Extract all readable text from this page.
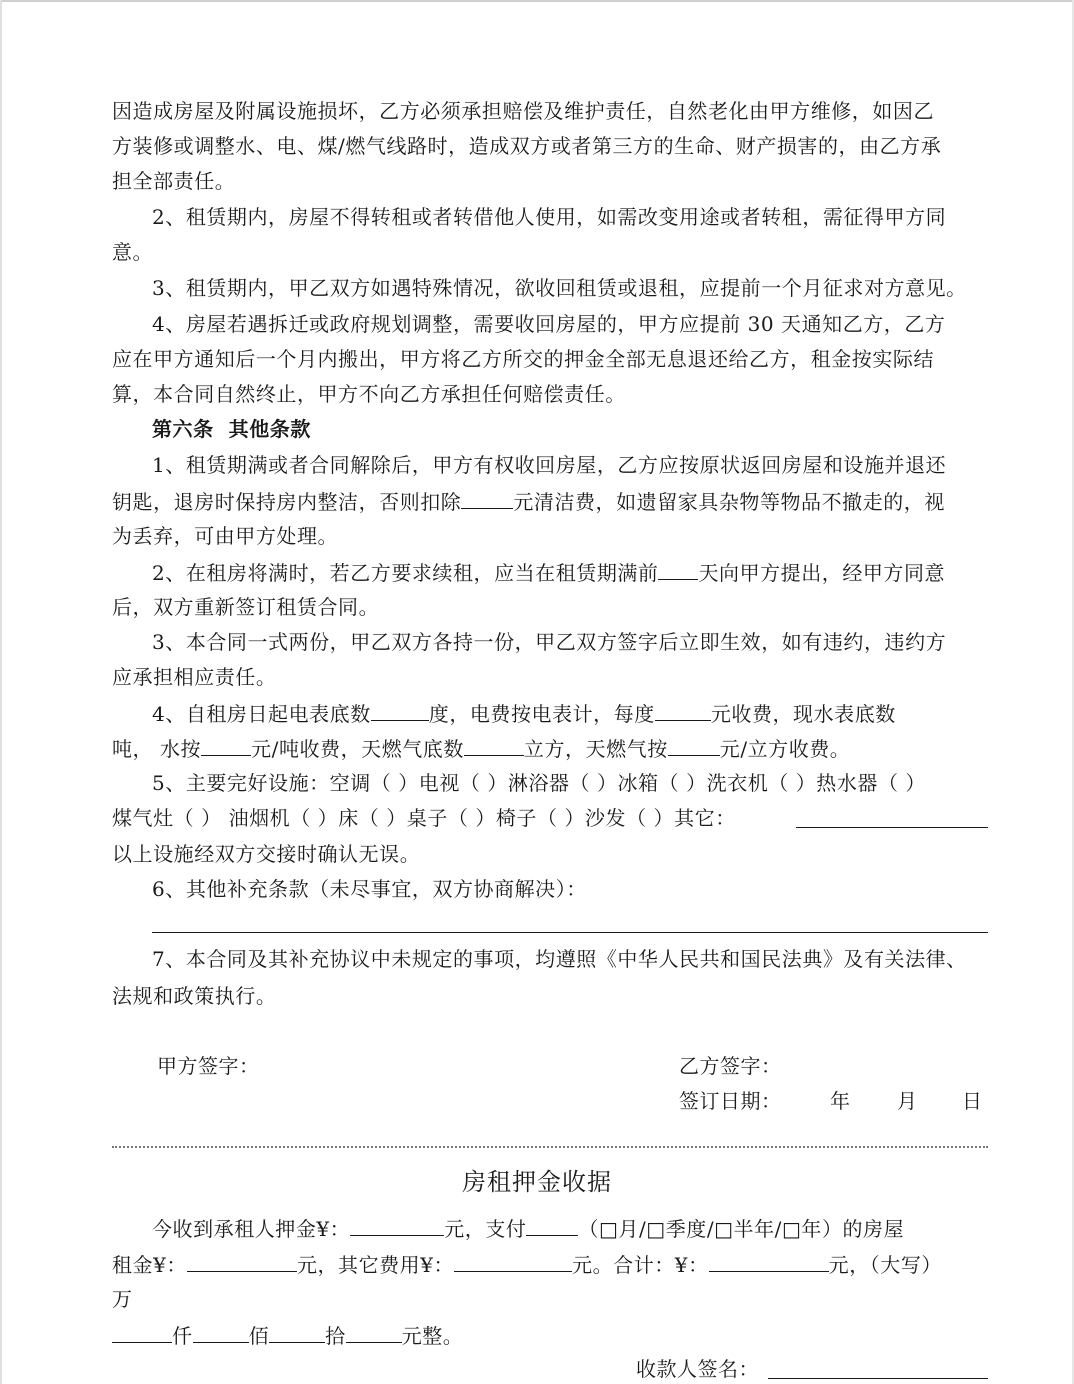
因造成房屋及附属设施损坏，乙方必须承担赔偿及维护责任，自然老化由甲方维修，如因乙
方装修或调整水、电、煤/燃气线路时，造成双方或者第三方的生命、财产损害的，由乙方承
担全部责任。
2、租赁期内，房屋不得转租或者转借他人使用，如需改变用途或者转租，需征得甲方同
意。
3、租赁期内，甲乙双方如遇特殊情况，欲收回租赁或退租，应提前一个月征求对方意见。
4、房屋若遇拆迁或政府规划调整，需要收回房屋的，甲方应提前 30 天通知乙方，乙方
应在甲方通知后一个月内搬出，甲方将乙方所交的押金全部无息退还给乙方，租金按实际结
算，本合同自然终止，甲方不向乙方承担任何赔偿责任。
第六条  其他条款
1、租赁期满或者合同解除后，甲方有权收回房屋，乙方应按原状返回房屋和设施并退还
钥匙，退房时保持房内整洁，否则扣除	元清洁费，如遗留家具杂物等物品不撤走的，视
为丢弃，可由甲方处理。
2、在租房将满时，若乙方要求续租，应当在租赁期满前 天向甲方提出，经甲方同意
后，双方重新签订租赁合同。
3、本合同一式两份，甲乙双方各持一份，甲乙双方签字后立即生效，如有违约，违约方
应承担相应责任。
4、自租房日起电表底数	度，电费按电表计，每度	元收费，现水表底数
吨， 水按	元/吨收费，天燃气底数	立方，天燃气按	元/立方收费。
5、主要完好设施：空调（ ）电视（ ）淋浴器（ ）冰箱（ ）洗衣机（ ）热水器（ ）
煤气灶（ ） 油烟机（ ）床（ ）桌子（ ）椅子（ ）沙发（ ）其它：
以上设施经双方交接时确认无误。
6、其他补充条款（未尽事宜，双方协商解决）：
7、本合同及其补充协议中未规定的事项，均遵照《中华人民共和国民法典》及有关法律、
法规和政策执行。
甲方签字：	乙方签字：
签订日期： 年 月 日
房租押金收据
今收到承租人押金¥：	元，支付	（□月/□季度/□半年/□年）的房屋
租金¥：	元，其它费用¥：	元。合计：¥：	元，（大写）
万
仟	佰	拾	元整。
收款人签名：
